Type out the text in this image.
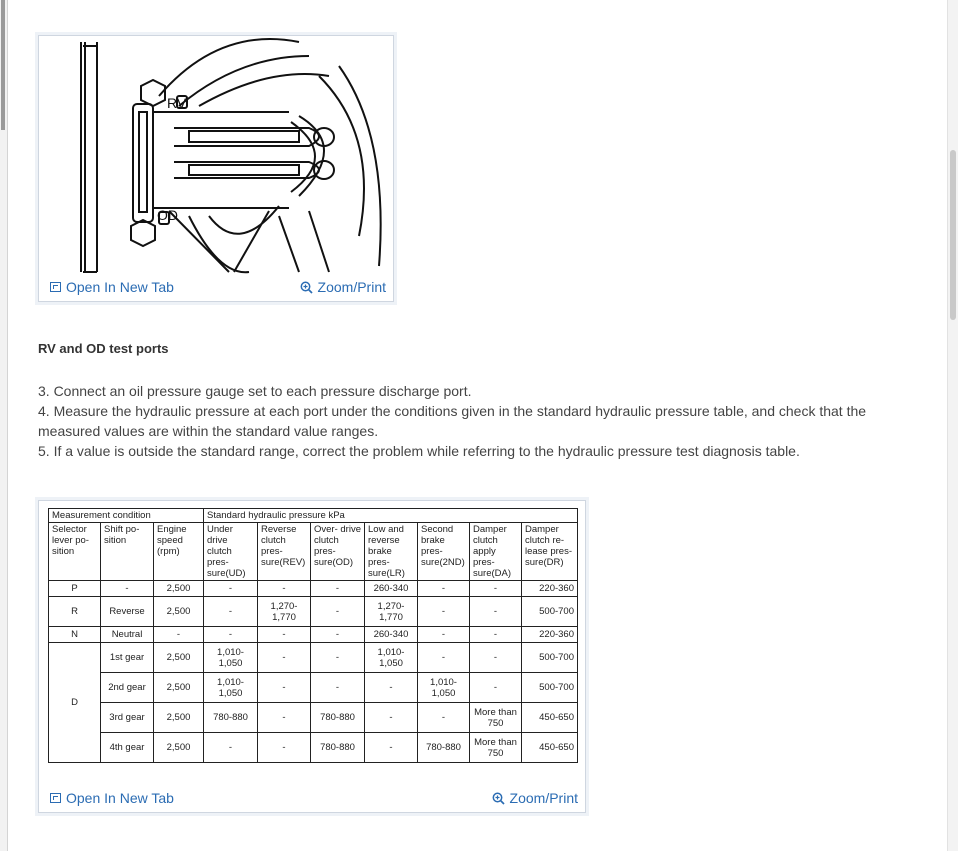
RV
OD
Open In New Tab	Zoom/Print
RV and OD test ports
3. Connect an oil pressure gauge set to each pressure discharge port.
4. Measure the hydraulic pressure at each port under the conditions given in the standard hydraulic pressure table, and check that the measured values are within the standard value ranges.
5. If a value is outside the standard range, correct the problem while referring to the hydraulic pressure test diagnosis table.
Measurement condition			Standard hydraulic pressure kPa						
Selector lever po- sition	Shift po- sition	Engine speed (rpm)	Under drive clutch pres- sure(UD)	Reverse clutch pres- sure(REV)	Over- drive clutch pres- sure(OD)	Low and reverse brake pres- sure(LR)	Second brake pres- sure(2ND)	Damper clutch apply pres- sure(DA)	Damper clutch re- lease pres- sure(DR)
P	-	2,500	-	-	-	260-340	-	-	220-360
R	Reverse	2,500	-	1,270- 1,770	-	1,270- 1,770	-	-	500-700
N	Neutral	-	-	-	-	260-340	-	-	220-360
D	1st gear	2,500	1,010- 1,050	-	-	1,010- 1,050	-	-	500-700
	2nd gear	2,500	1,010- 1,050	-	-	-	1,010- 1,050	-	500-700
	3rd gear	2,500	780-880	-	780-880	-	-	More than 750	450-650
	4th gear	2,500	-	-	780-880	-	780-880	More than 750	450-650
Open In New Tab	Zoom/Print
